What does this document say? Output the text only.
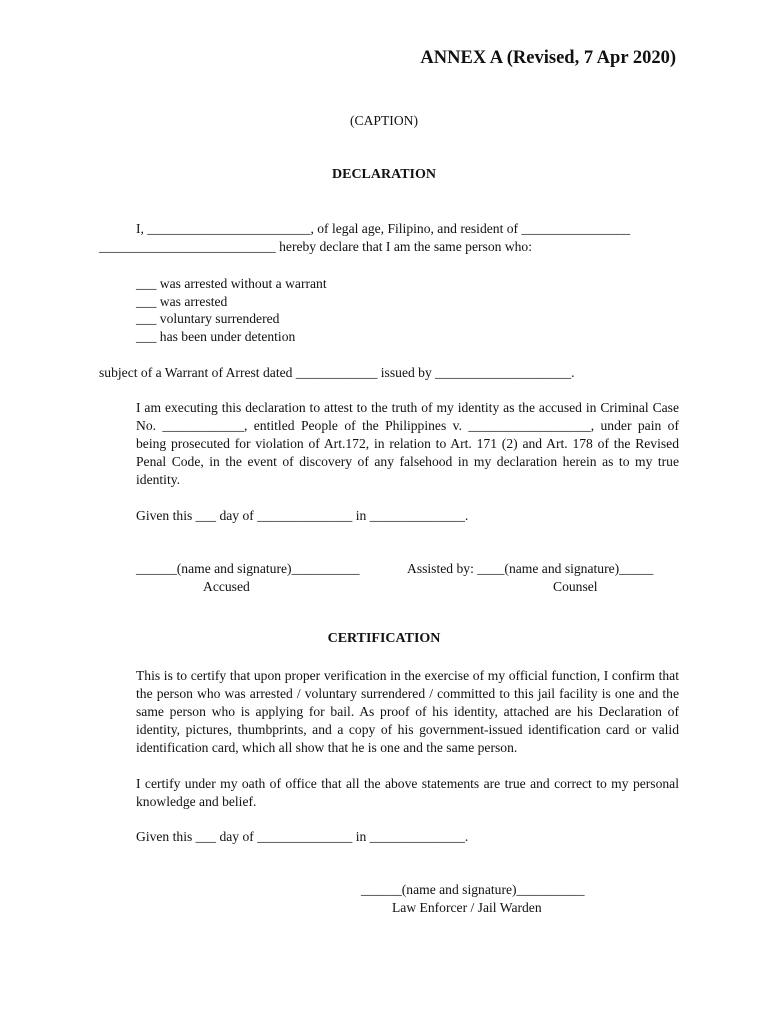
ANNEX A (Revised, 7 Apr 2020)
(CAPTION)
DECLARATION
I, ________________________, of legal age, Filipino, and resident of ________________
__________________________ hereby declare that I am the same person who:
___ was arrested without a warrant
___ was arrested
___ voluntary surrendered
___ has been under detention
subject of a Warrant of Arrest dated ____________ issued by ____________________.

I am executing this declaration to attest to the truth of my identity as the accused in Criminal Case No. ____________, entitled People of the Philippines v. __________________, under pain of being prosecuted for violation of Art.172, in relation to Art. 171 (2) and Art. 178 of the Revised Penal Code, in the event of discovery of any falsehood in my declaration herein as to my true identity.

Given this ___ day of ______________ in ______________.
______(name and signature)__________
Accused
Assisted by: ____(name and signature)_____
Counsel
CERTIFICATION

This is to certify that upon proper verification in the exercise of my official function, I confirm that the person who was arrested / voluntary surrendered / committed to this jail facility is one and the same person who is applying for bail. As proof of his identity, attached are his Declaration of identity, pictures, thumbprints, and a copy of his government-issued identification card or valid identification card, which all show that he is one and the same person.

I certify under my oath of office that all the above statements are true and correct to my personal knowledge and belief.

Given this ___ day of ______________ in ______________.
______(name and signature)__________
Law Enforcer / Jail Warden
